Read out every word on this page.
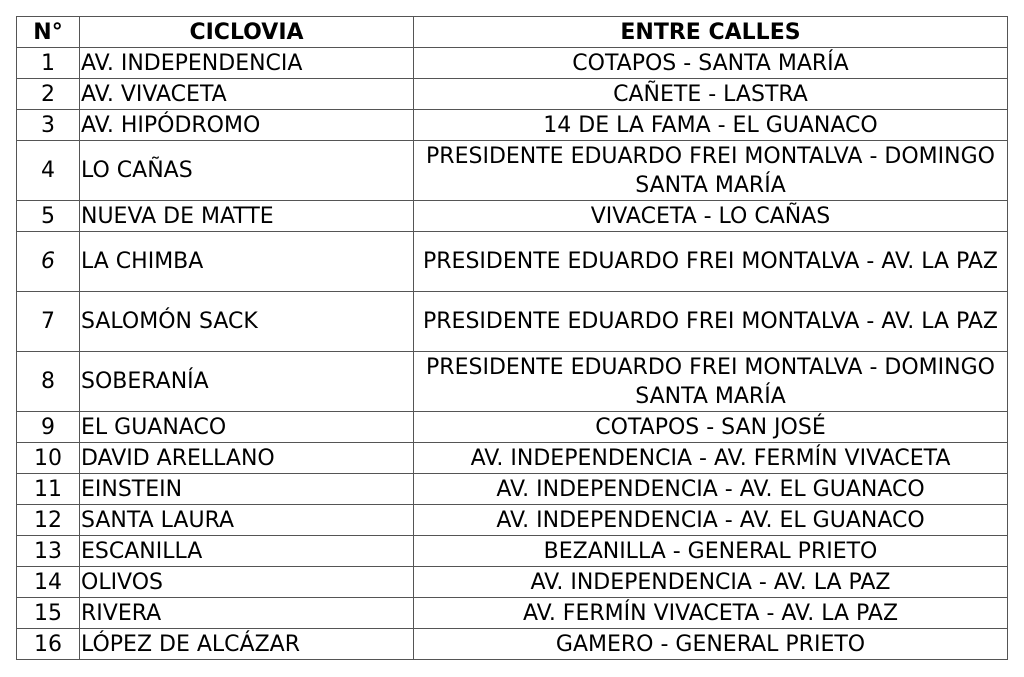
N°	CICLOVIA	ENTRE CALLES
1	AV. INDEPENDENCIA	COTAPOS - SANTA MARÍA
2	AV. VIVACETA	CAÑETE - LASTRA
3	AV. HIPÓDROMO	14 DE LA FAMA - EL GUANACO
4	LO CAÑAS	PRESIDENTE EDUARDO FREI MONTALVA - DOMINGO SANTA MARÍA
5	NUEVA DE MATTE	VIVACETA - LO CAÑAS
6	LA CHIMBA	PRESIDENTE EDUARDO FREI MONTALVA - AV. LA PAZ
7	SALOMÓN SACK	PRESIDENTE EDUARDO FREI MONTALVA - AV. LA PAZ
8	SOBERANÍA	PRESIDENTE EDUARDO FREI MONTALVA - DOMINGO SANTA MARÍA
9	EL GUANACO	COTAPOS - SAN JOSÉ
10	DAVID ARELLANO	AV. INDEPENDENCIA - AV. FERMÍN VIVACETA
11	EINSTEIN	AV. INDEPENDENCIA - AV. EL GUANACO
12	SANTA LAURA	AV. INDEPENDENCIA - AV. EL GUANACO
13	ESCANILLA	BEZANILLA - GENERAL PRIETO
14	OLIVOS	AV. INDEPENDENCIA - AV. LA PAZ
15	RIVERA	AV. FERMÍN VIVACETA - AV. LA PAZ
16	LÓPEZ DE ALCÁZAR	GAMERO - GENERAL PRIETO
